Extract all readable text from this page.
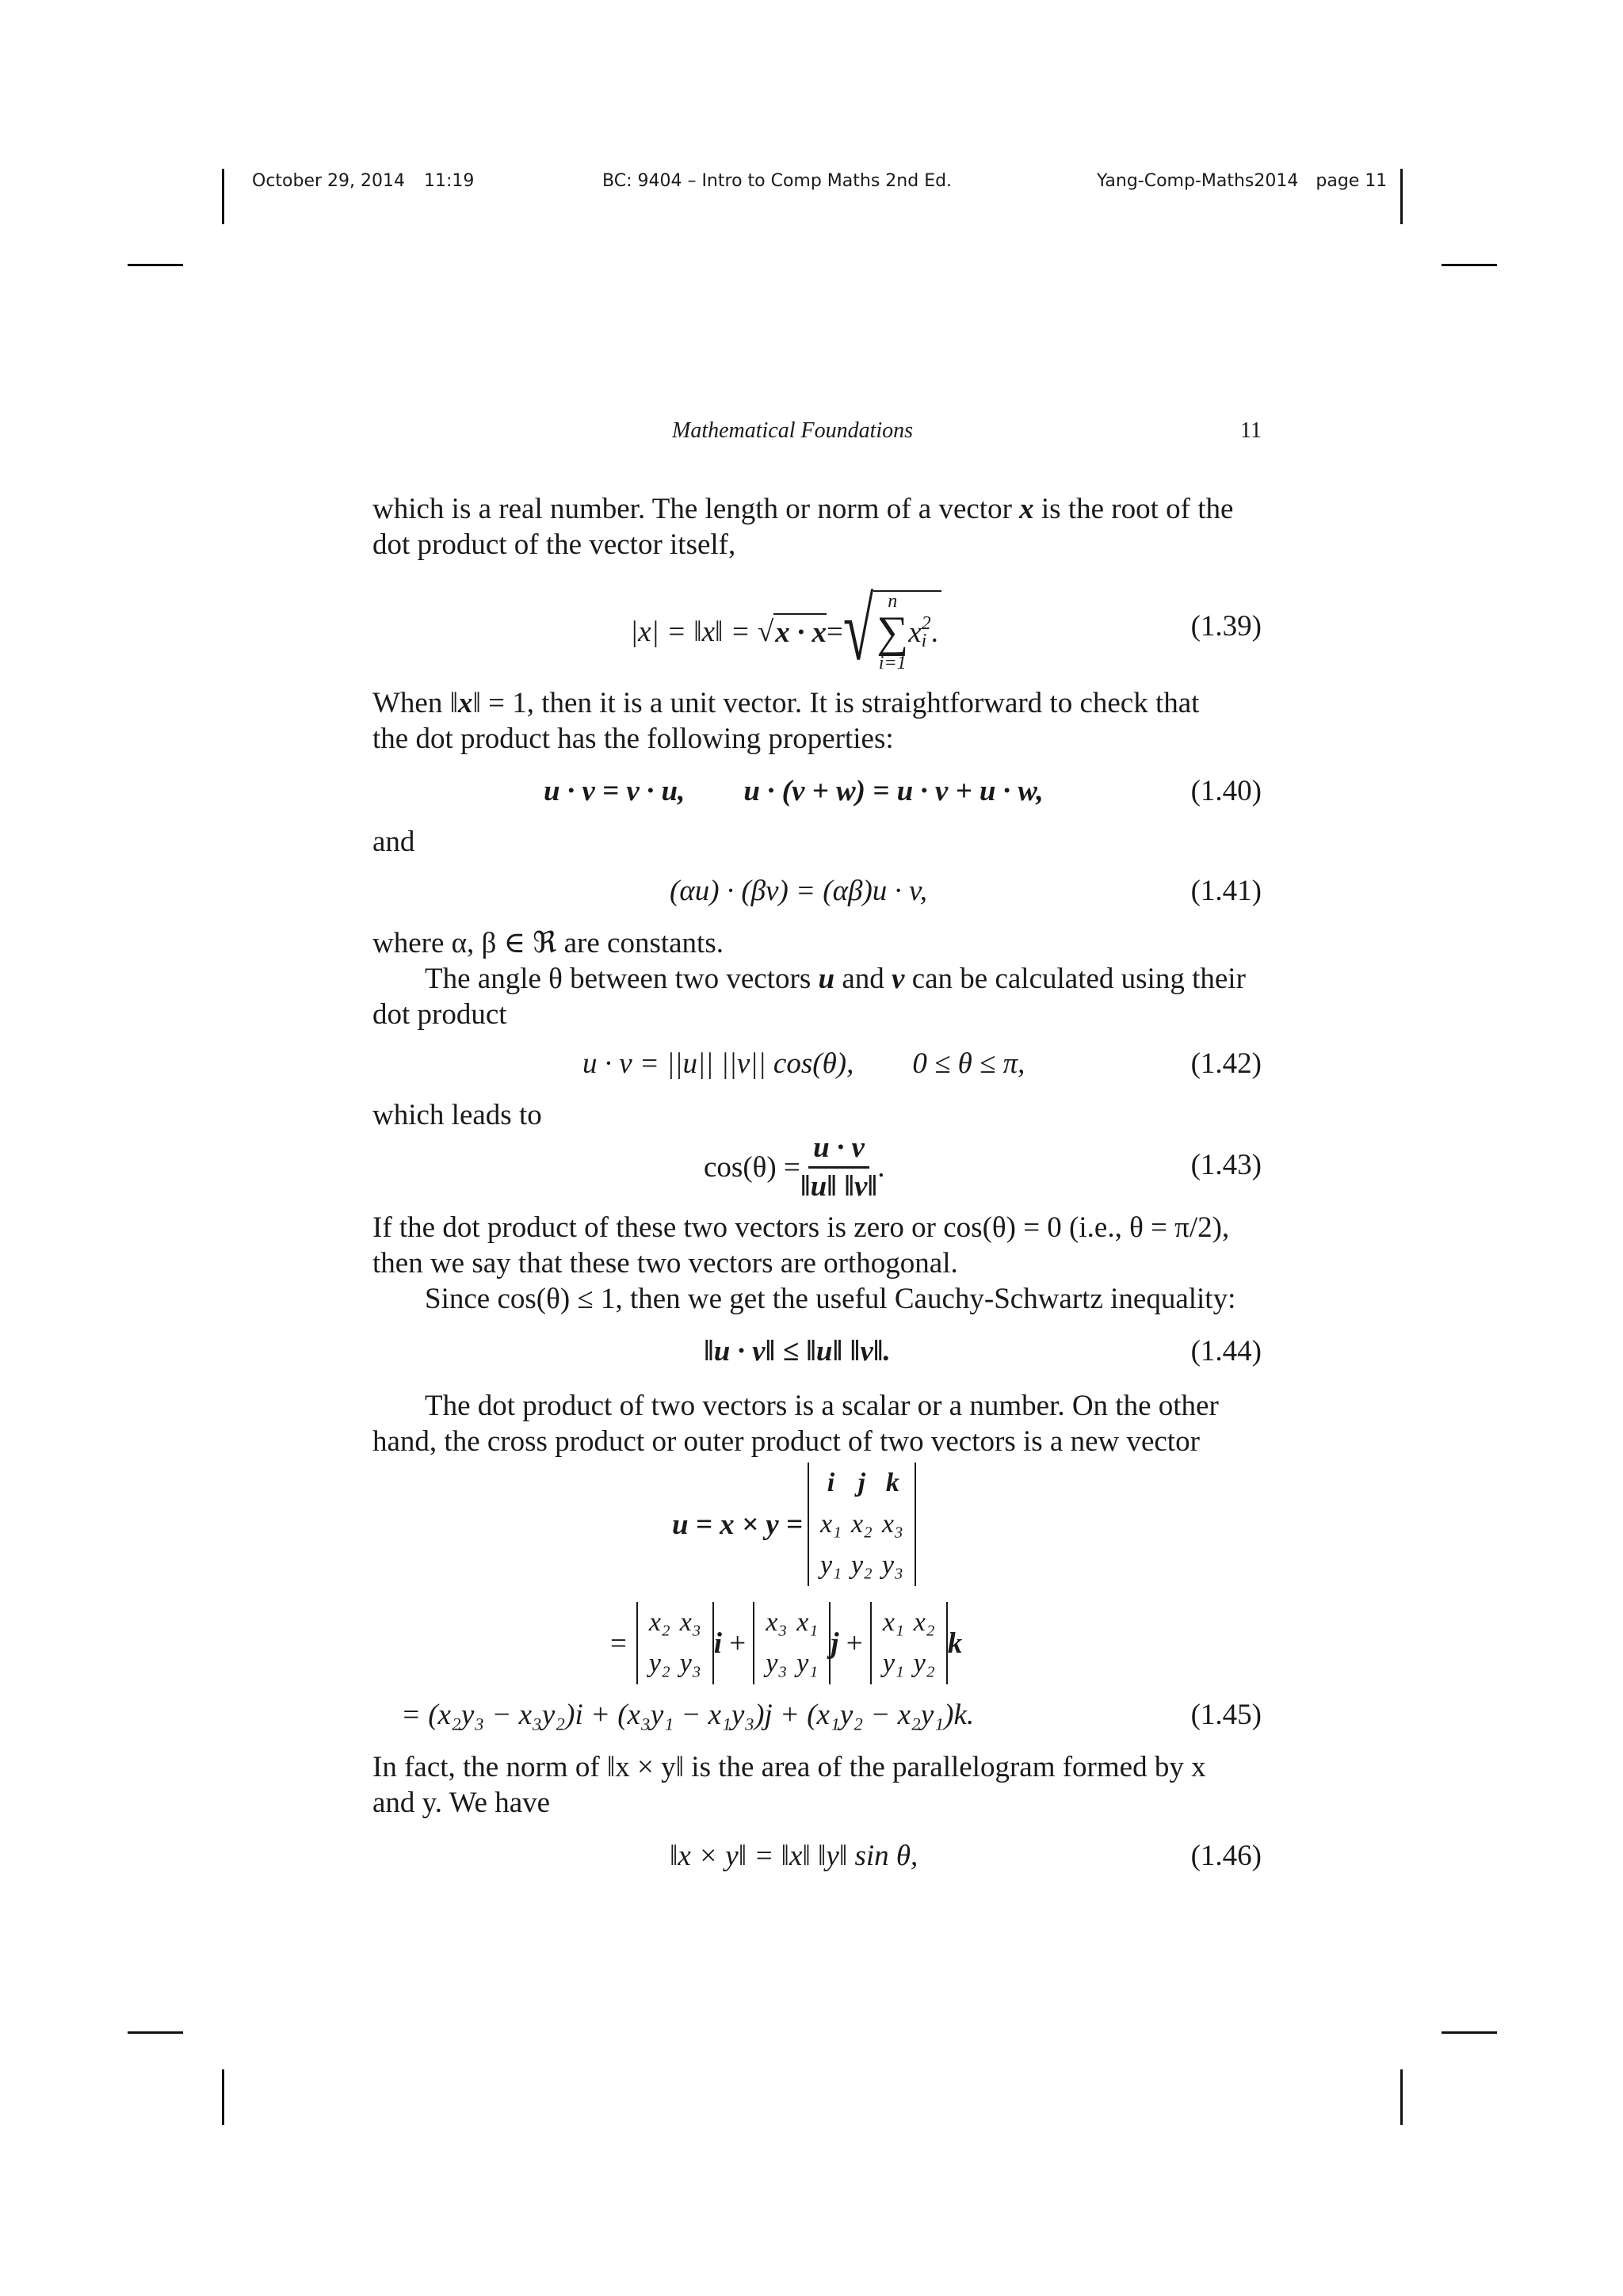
October 29, 2014 11:19	BC: 9404 – Intro to Comp Maths 2nd Ed.	Yang-Comp-Maths2014 page 11
Mathematical Foundations	11
which is a real number. The length or norm of a vector x is the root of the
dot product of the vector itself,
|x| = ‖x‖ = √ x · x = √ n
∑
i=1
x 2
i .	(1.39)
When ‖x‖ = 1, then it is a unit vector. It is straightforward to check that
the dot product has the following properties:
u · v = v · u,        u · (v + w) = u · v + u · w,	(1.40)
and
(αu) · (βv) = (αβ)u · v,	(1.41)
where α, β ∈ ℜ are constants.
The angle θ between two vectors u and v can be calculated using their
dot product
u · v = ||u|| ||v|| cos(θ),        0 ≤ θ ≤ π,	(1.42)
which leads to
$\cos(\theta) = \frac{u \cdot v}{‖u‖ ‖v‖}$ .	(1.43)
If the dot product of these two vectors is zero or cos(θ) = 0 (i.e., θ = π/2),
then we say that these two vectors are orthogonal.
Since cos(θ) ≤ 1, then we get the useful Cauchy-Schwartz inequality:
‖u · v‖ ≤ ‖u‖ ‖v‖.	(1.44)
The dot product of two vectors is a scalar or a number. On the other
hand, the cross product or outer product of two vectors is a new vector
u = x × y =
i	j	k
x₁	x₂	x₃
y₁	y₂	y₃
=
x₂	x₃
y₂	y₃
i +
x₃	x₁
y₃	y₁
j +
x₁	x₂
y₁	y₂
k
= (x₂y₃ − x₃y₂)i + (x₃y₁ − x₁y₃)j + (x₁y₂ − x₂y₁)k.	(1.45)
In fact, the norm of ‖x × y‖ is the area of the parallelogram formed by x
and y. We have
‖x × y‖ = ‖x‖ ‖y‖ sin θ,	(1.46)
